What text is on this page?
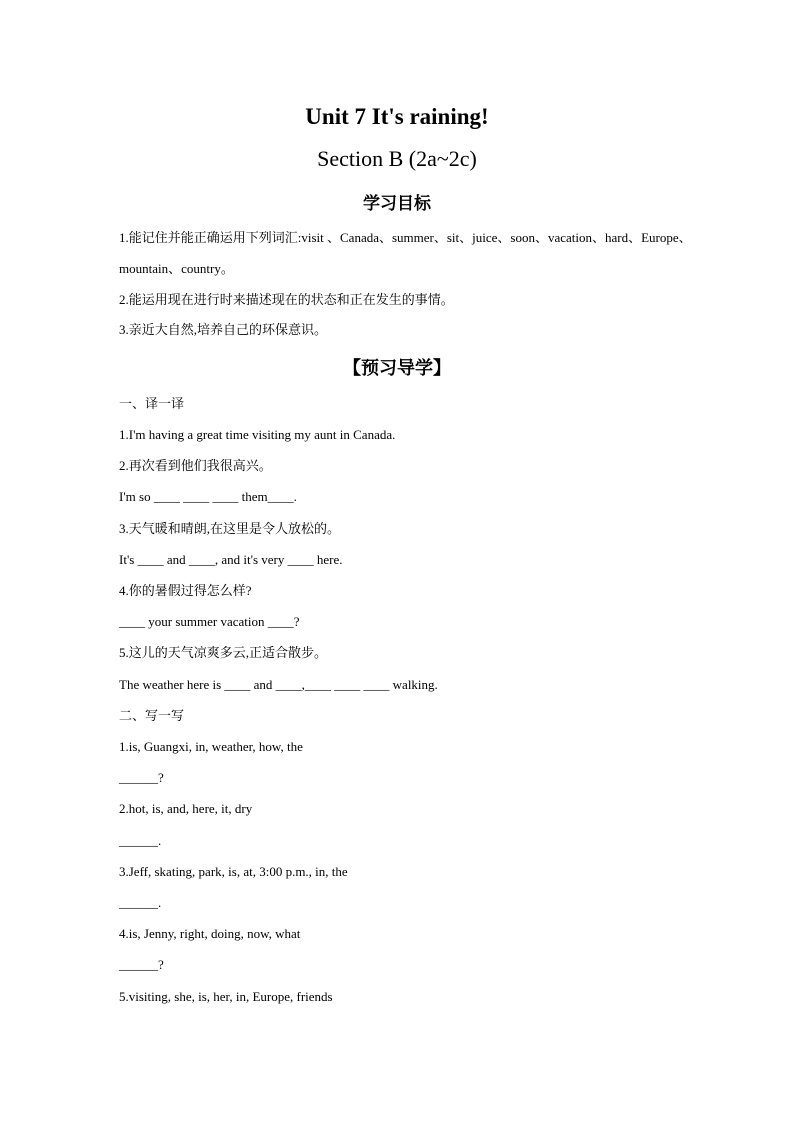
Unit 7 It's raining!
Section B (2a~2c)
学习目标
1.能记住并能正确运用下列词汇:visit 、Canada、summer、sit、juice、soon、vacation、hard、Europe、mountain、country。
2.能运用现在进行时来描述现在的状态和正在发生的事情。
3.亲近大自然,培养自己的环保意识。
【预习导学】
一、译一译
1.I'm having a great time visiting my aunt in Canada.
2.再次看到他们我很高兴。
I'm so ____ ____ ____ them____.
3.天气暖和晴朗,在这里是令人放松的。
It's ____ and ____, and it's very ____ here.
4.你的暑假过得怎么样?
____ your summer vacation ____?
5.这儿的天气凉爽多云,正适合散步。
The weather here is ____ and ____,____ ____ ____ walking.
二、写一写
1.is, Guangxi, in, weather, how, the
______?
2.hot, is, and, here, it, dry
______.
3.Jeff, skating, park, is, at, 3:00 p.m., in, the
______.
4.is, Jenny, right, doing, now, what
______?
5.visiting, she, is, her, in, Europe, friends
